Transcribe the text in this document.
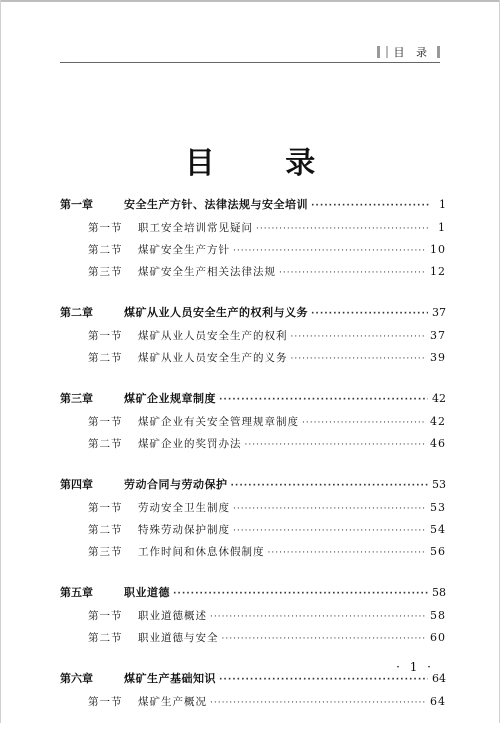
目 录
目 录
第一章	安全生产方针、法律法规与安全培训 ·····	1
第一节	职工安全培训常见疑问 ·····	1
第二节	煤矿安全生产方针 ·····	10
第三节	煤矿安全生产相关法律法规 ·····	12
第二章	煤矿从业人员安全生产的权利与义务 ·····	37
第一节	煤矿从业人员安全生产的权利 ·····	37
第二节	煤矿从业人员安全生产的义务 ·····	39
第三章	煤矿企业规章制度 ·····	42
第一节	煤矿企业有关安全管理规章制度 ·····	42
第二节	煤矿企业的奖罚办法 ·····	46
第四章	劳动合同与劳动保护 ·····	53
第一节	劳动安全卫生制度 ·····	53
第二节	特殊劳动保护制度 ·····	54
第三节	工作时间和休息休假制度 ·····	56
第五章	职业道德 ·····	58
第一节	职业道德概述 ·····	58
第二节	职业道德与安全 ·····	60
第六章	煤矿生产基础知识 ·····	64
第一节	煤矿生产概况 ·····	64
· 1 ·
